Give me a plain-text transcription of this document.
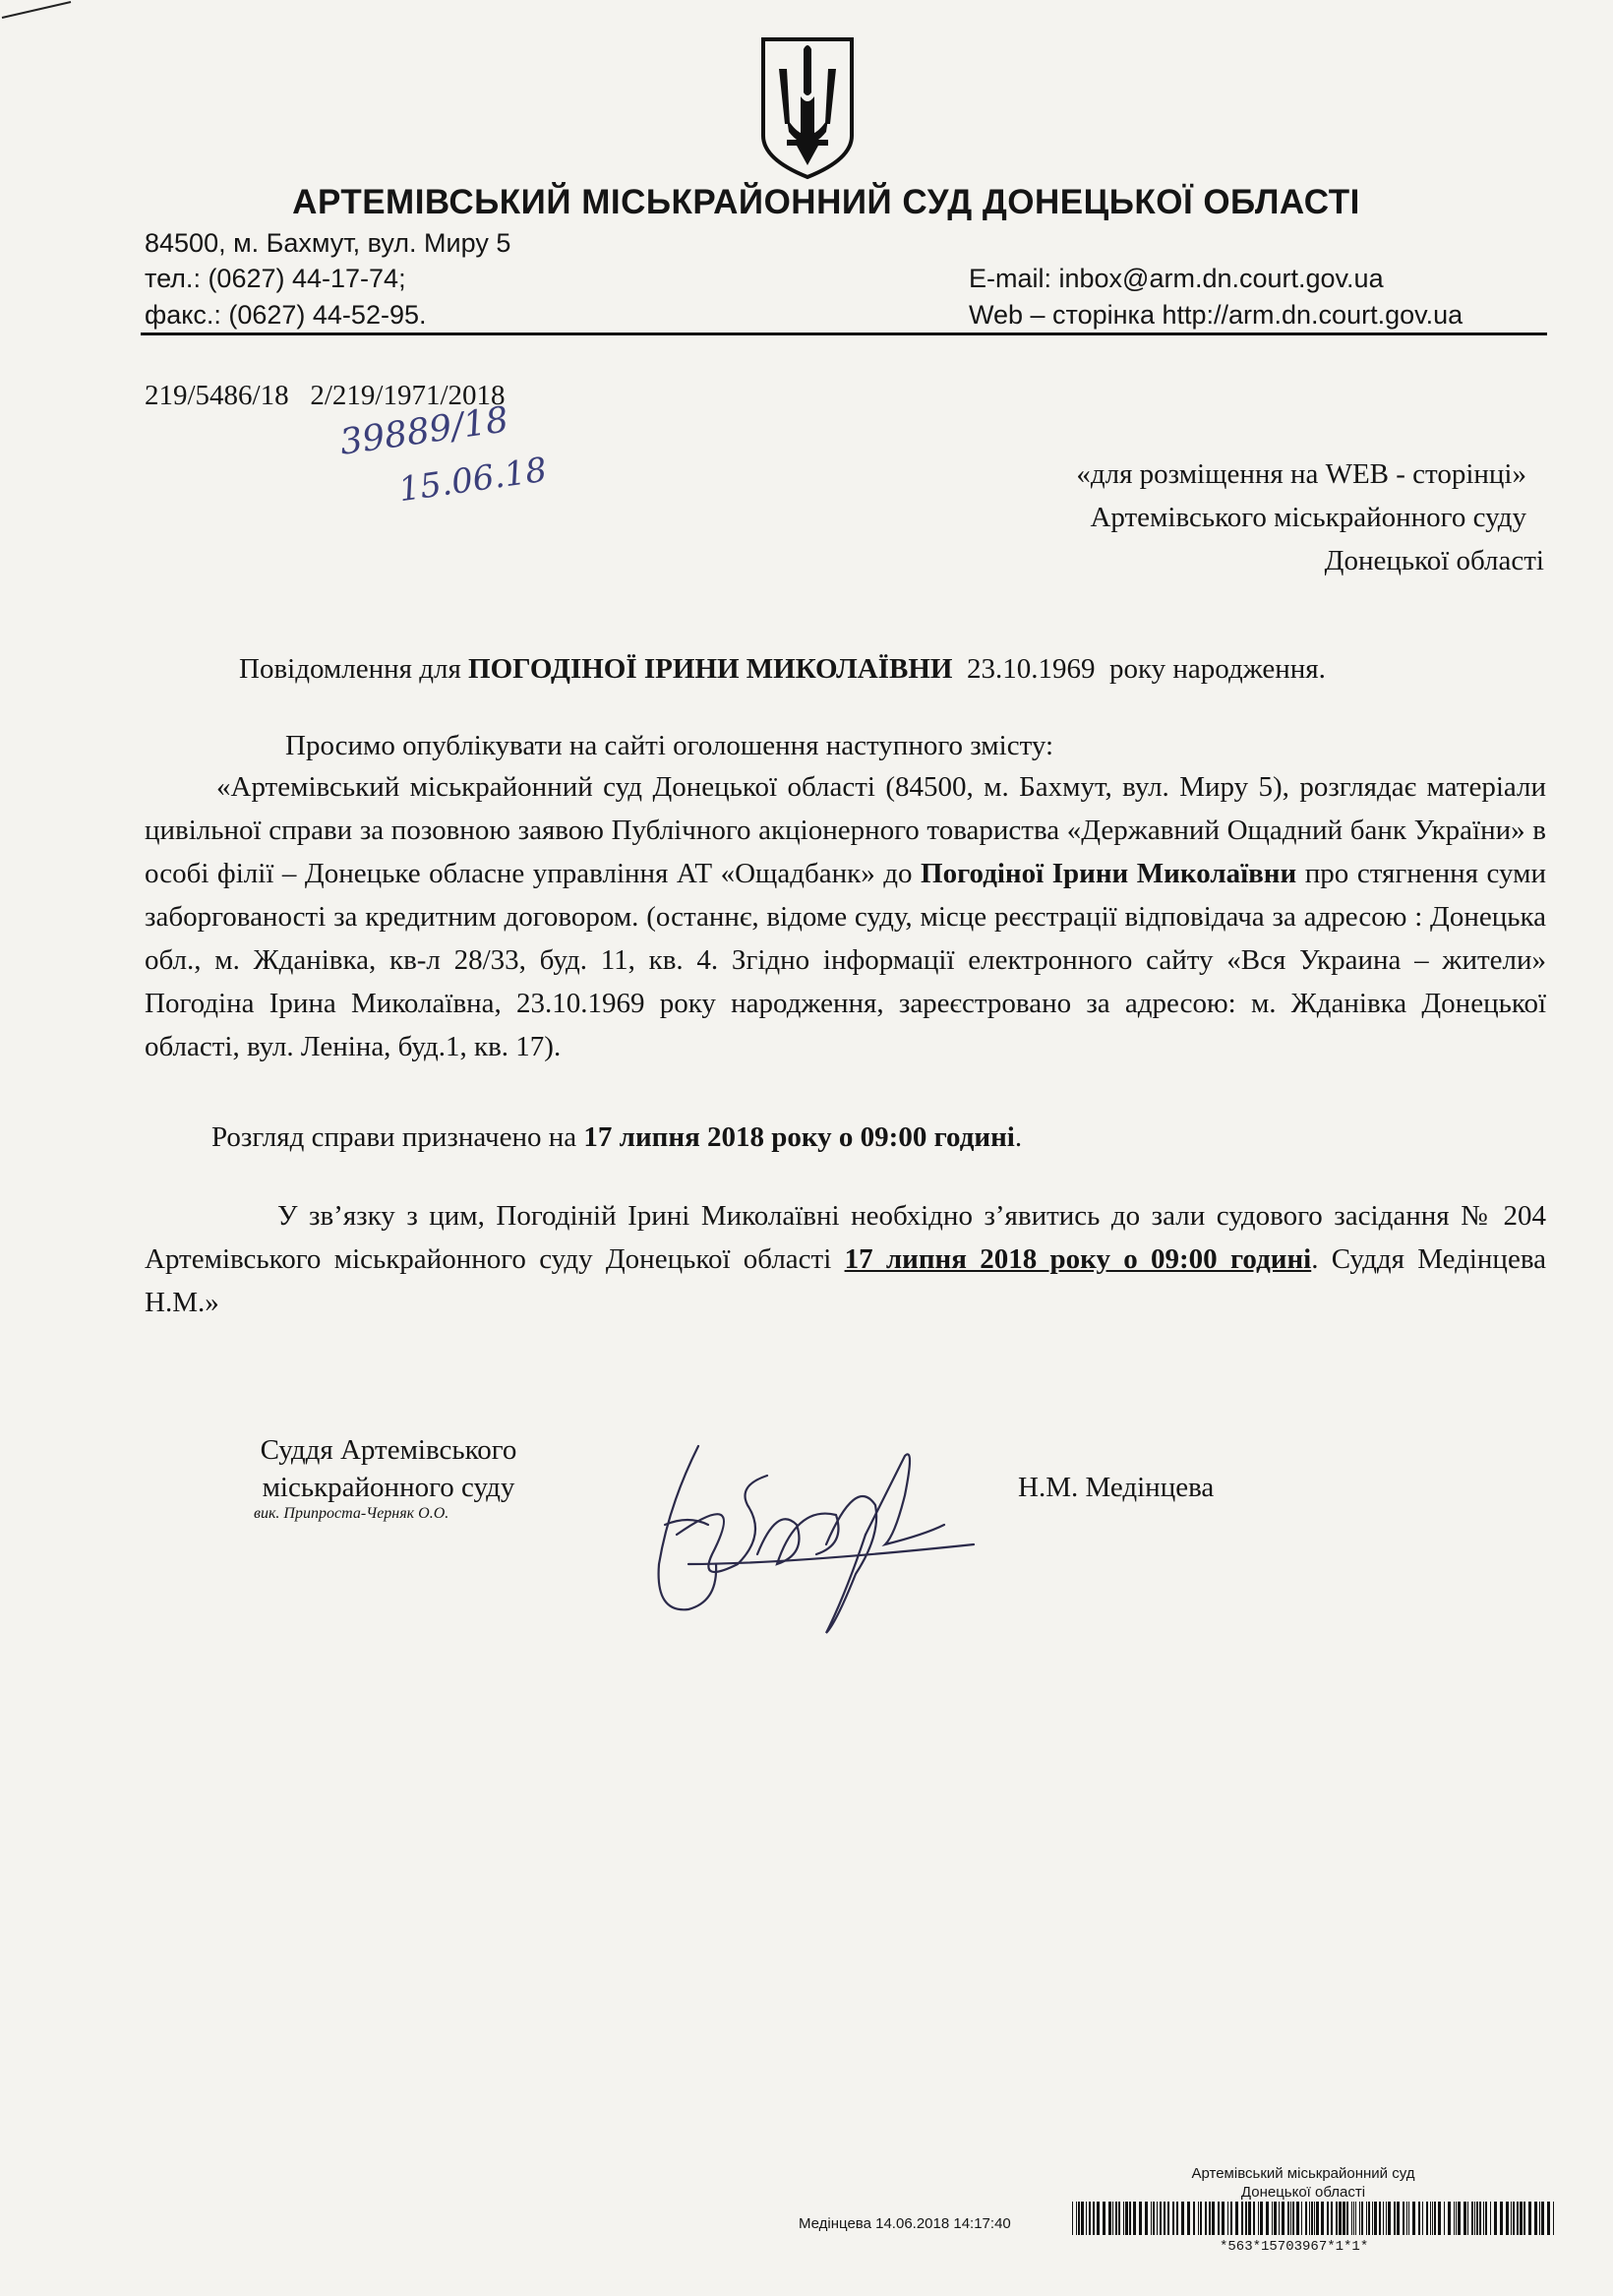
АРТЕМІВСЬКИЙ МІСЬКРАЙОННИЙ СУД ДОНЕЦЬКОЇ ОБЛАСТІ
84500, м. Бахмут, вул. Миру 5
тел.: (0627) 44-17-74;
факс.: (0627) 44-52-95.
E-mail: inbox@arm.dn.court.gov.ua
Web – сторінка http://arm.dn.court.gov.ua
219/5486/18   2/219/1971/2018
39889/18
15.06.18	«для розміщення на WEB - сторінці»
Артемівського міськрайонного суду
Донецької області
Повідомлення для ПОГОДІНОЇ ІРИНИ МИКОЛАЇВНИ  23.10.1969  року народження.
Просимо опублікувати на сайті оголошення наступного змісту:
«Артемівський міськрайонний суд Донецької області (84500, м. Бахмут, вул. Миру 5), розглядає матеріали цивільної справи за позовною заявою Публічного акціонерного товариства «Державний Ощадний банк України» в особі філії – Донецьке обласне управління АТ «Ощадбанк» до Погодіної Ірини Миколаївни про стягнення суми заборгованості за кредитним договором. (останнє, відоме суду, місце реєстрації відповідача за адресою : Донецька обл., м. Жданівка, кв-л 28/33, буд. 11, кв. 4. Згідно інформації електронного сайту «Вся Украина – жители» Погодіна Ірина Миколаївна, 23.10.1969 року народження, зареєстровано за адресою: м. Жданівка Донецької області, вул. Леніна, буд.1, кв. 17).
Розгляд справи призначено на 17 липня 2018 року о 09:00 годині.
У зв’язку з цим, Погодіній Ірині Миколаївні необхідно з’явитись до зали судового засідання № 204 Артемівського міськрайонного суду Донецької області 17 липня 2018 року о 09:00 годині. Суддя Медінцева Н.М.»
Суддя Артемівського
міськрайонного суду
вик. Припроста-Черняк О.О.
Н.М. Медінцева
Артемівський міськрайонний суд
Донецької області
Медінцева 14.06.2018 14:17:40
*563*15703967*1*1*
